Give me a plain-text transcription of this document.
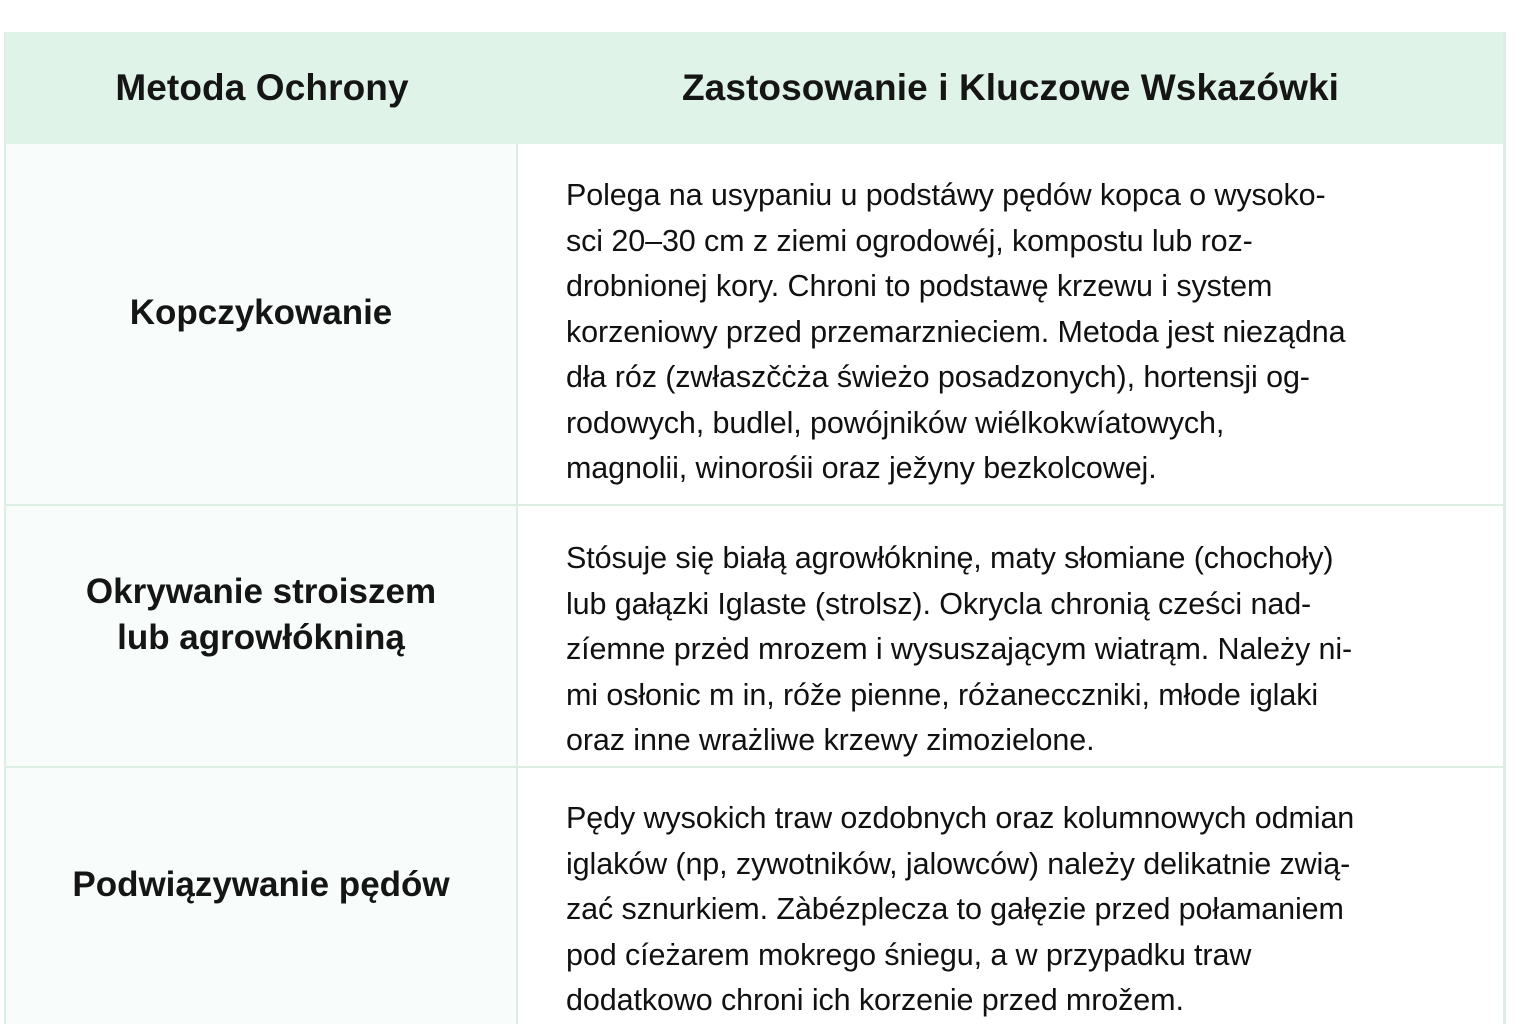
Metoda Ochrony	Zastosowanie i Kluczowe Wskazówki
Kopczykowanie
Polega na usypaniu u podstáwy pędów kopca o wysoko-
sci 20–30 cm z ziemi ogrodowéj, kompostu lub roz-
drobnionej kory. Chroni to podstawę krzewu i system
korzeniowy przed przemarznieciem. Metoda jest nieządna
dła róz (zwłaszčċża świeżo posadzonych), hortensji og-
rodowych, budlel, powójników wiélkokwíatowych,
magnolii, winorośii oraz ježyny bezkolcowej.
Okrywanie stroiszem
lub agrowłókniną
Stósuje się białą agrowłókninę, maty słomiane (chochoły)
lub gałązki Iglaste (strolsz). Okrycla chronią cześci nad-
zíemne przėd mrozem i wysuszającym wiatrąm. Należy ni-
mi osłonic m in, róže pienne, różanecczniki, młode iglaki
oraz inne wrażliwe krzewy zimozielone.
Podwiązywanie pędów
Pędy wysokich traw ozdobnych oraz kolumnowych odmian
iglaków (np, zywotników, jalowców) należy delikatnie zwią-
zać sznurkiem. Zàbézplecza to gałęzie przed połamaniem
pod cíeżarem mokrego śniegu, a w przypadku traw
dodatkowo chroni ich korzenie przed mrožem.
